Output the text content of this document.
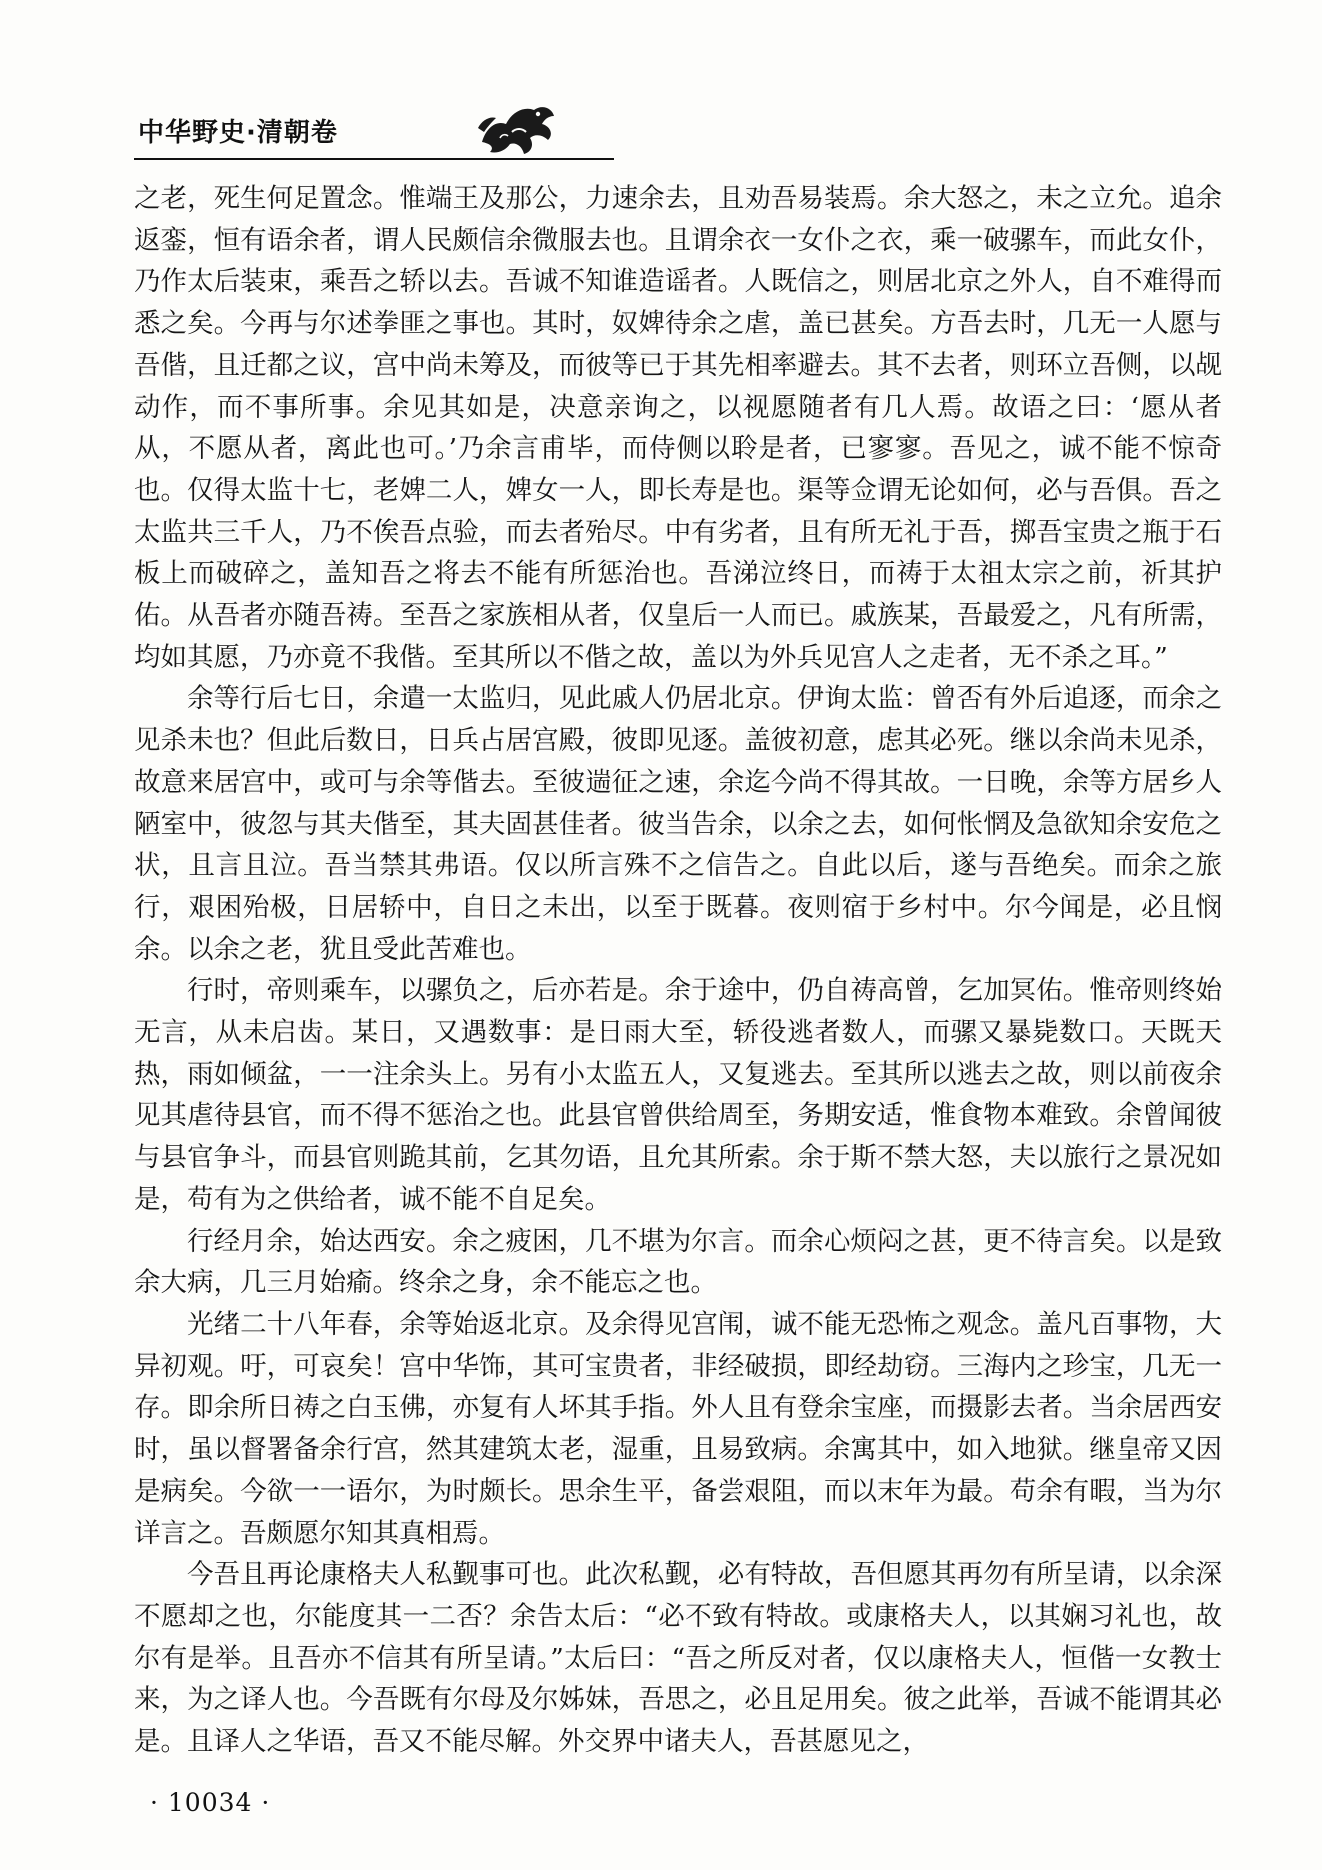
中华野史·清朝卷

之老，死生何足置念。惟端王及那公，力速余去，且劝吾易装焉。余大怒之，未之立允。追余返銮，恒有语余者，谓人民颇信余微服去也。且谓余衣一女仆之衣，乘一破骡车，而此女仆，乃作太后装束，乘吾之轿以去。吾诚不知谁造谣者。人既信之，则居北京之外人，自不难得而悉之矣。今再与尔述拳匪之事也。其时，奴婢待余之虐，盖已甚矣。方吾去时，几无一人愿与吾偕，且迁都之议，宫中尚未筹及，而彼等已于其先相率避去。其不去者，则环立吾侧，以觇动作，而不事所事。余见其如是，决意亲询之，以视愿随者有几人焉。故语之曰：‘愿从者从，不愿从者，离此也可。’乃余言甫毕，而侍侧以聆是者，已寥寥。吾见之，诚不能不惊奇也。仅得太监十七，老婢二人，婢女一人，即长寿是也。渠等佥谓无论如何，必与吾俱。吾之太监共三千人，乃不俟吾点验，而去者殆尽。中有劣者，且有所无礼于吾，掷吾宝贵之瓶于石板上而破碎之，盖知吾之将去不能有所惩治也。吾涕泣终日，而祷于太祖太宗之前，祈其护佑。从吾者亦随吾祷。至吾之家族相从者，仅皇后一人而已。戚族某，吾最爱之，凡有所需，均如其愿，乃亦竟不我偕。至其所以不偕之故，盖以为外兵见宫人之走者，无不杀之耳。”

余等行后七日，余遣一太监归，见此戚人仍居北京。伊询太监：曾否有外后追逐，而余之见杀未也？但此后数日，日兵占居宫殿，彼即见逐。盖彼初意，虑其必死。继以余尚未见杀，故意来居宫中，或可与余等偕去。至彼遄征之速，余迄今尚不得其故。一日晚，余等方居乡人陋室中，彼忽与其夫偕至，其夫固甚佳者。彼当告余，以余之去，如何怅惘及急欲知余安危之状，且言且泣。吾当禁其弗语。仅以所言殊不之信告之。自此以后，遂与吾绝矣。而余之旅行，艰困殆极，日居轿中，自日之未出，以至于既暮。夜则宿于乡村中。尔今闻是，必且悯余。以余之老，犹且受此苦难也。

行时，帝则乘车，以骡负之，后亦若是。余于途中，仍自祷高曾，乞加冥佑。惟帝则终始无言，从未启齿。某日，又遇数事：是日雨大至，轿役逃者数人，而骡又暴毙数口。天既天热，雨如倾盆，一一注余头上。另有小太监五人，又复逃去。至其所以逃去之故，则以前夜余见其虐待县官，而不得不惩治之也。此县官曾供给周至，务期安适，惟食物本难致。余曾闻彼与县官争斗，而县官则跪其前，乞其勿语，且允其所索。余于斯不禁大怒，夫以旅行之景况如是，苟有为之供给者，诚不能不自足矣。

行经月余，始达西安。余之疲困，几不堪为尔言。而余心烦闷之甚，更不待言矣。以是致余大病，几三月始瘉。终余之身，余不能忘之也。

光绪二十八年春，余等始返北京。及余得见宫闱，诚不能无恐怖之观念。盖凡百事物，大异初观。吁，可哀矣！宫中华饰，其可宝贵者，非经破损，即经劫窃。三海内之珍宝，几无一存。即余所日祷之白玉佛，亦复有人坏其手指。外人且有登余宝座，而摄影去者。当余居西安时，虽以督署备余行宫，然其建筑太老，湿重，且易致病。余寓其中，如入地狱。继皇帝又因是病矣。今欲一一语尔，为时颇长。思余生平，备尝艰阻，而以末年为最。苟余有暇，当为尔详言之。吾颇愿尔知其真相焉。

今吾且再论康格夫人私觐事可也。此次私觐，必有特故，吾但愿其再勿有所呈请，以余深不愿却之也，尔能度其一二否？余告太后：“必不致有特故。或康格夫人，以其娴习礼也，故尔有是举。且吾亦不信其有所呈请。”太后曰：“吾之所反对者，仅以康格夫人，恒偕一女教士来，为之译人也。今吾既有尔母及尔姊妹，吾思之，必且足用矣。彼之此举，吾诚不能谓其必是。且译人之华语，吾又不能尽解。外交界中诸夫人，吾甚愿见之，

· 10034 ·
